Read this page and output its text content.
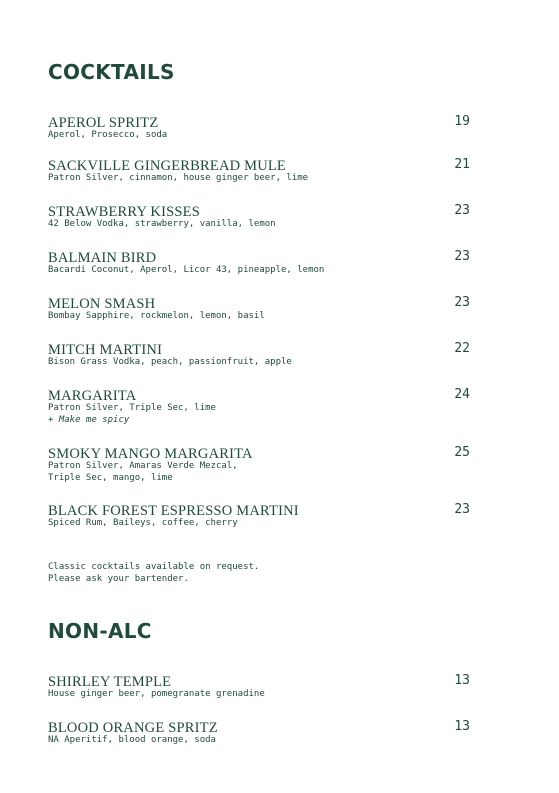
COCKTAILS
APEROL SPRITZ	19
Aperol, Prosecco, soda
SACKVILLE GINGERBREAD MULE	21
Patron Silver, cinnamon, house ginger beer, lime
STRAWBERRY KISSES	23
42 Below Vodka, strawberry, vanilla, lemon
BALMAIN BIRD	23
Bacardi Coconut, Aperol, Licor 43, pineapple, lemon
MELON SMASH	23
Bombay Sapphire, rockmelon, lemon, basil
MITCH MARTINI	22
Bison Grass Vodka, peach, passionfruit, apple
MARGARITA	24
Patron Silver, Triple Sec, lime
+ Make me spicy
SMOKY MANGO MARGARITA	25
Patron Silver, Amaras Verde Mezcal,
Triple Sec, mango, lime
BLACK FOREST ESPRESSO MARTINI	23
Spiced Rum, Baileys, coffee, cherry
Classic cocktails available on request.
Please ask your bartender.
NON-ALC
SHIRLEY TEMPLE	13
House ginger beer, pomegranate grenadine
BLOOD ORANGE SPRITZ	13
NA Aperitif, blood orange, soda
